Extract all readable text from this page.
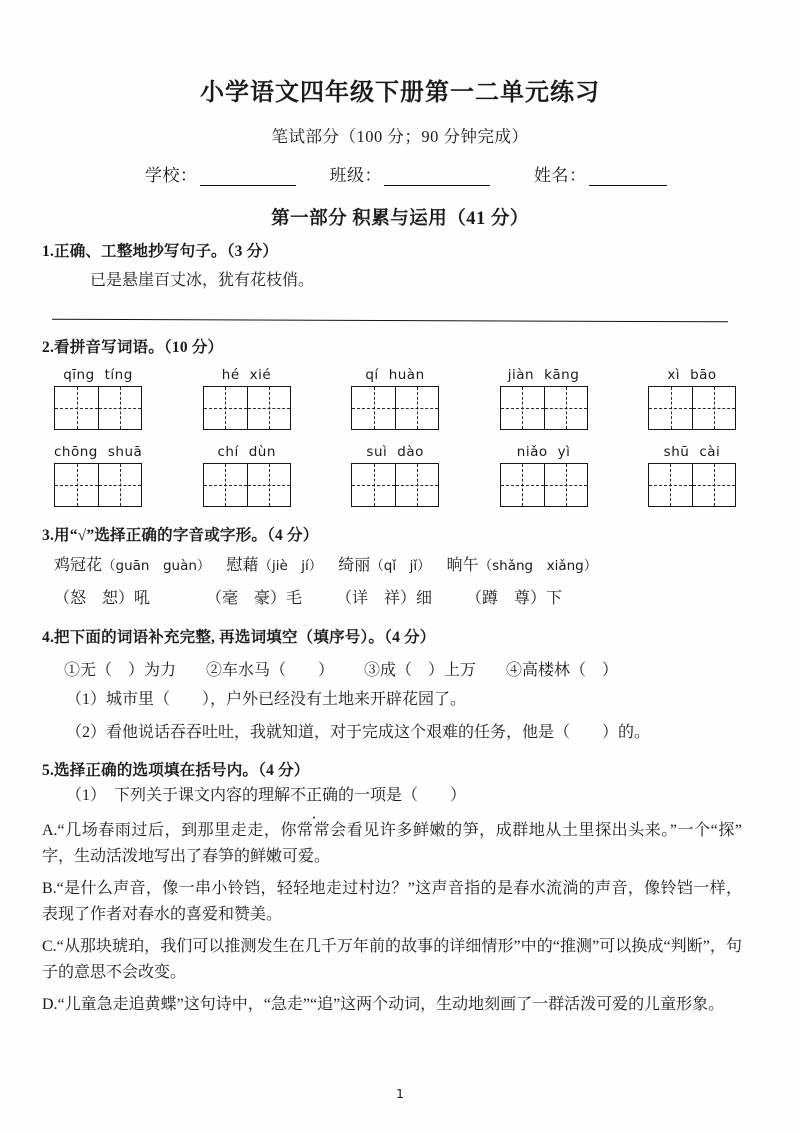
小学语文四年级下册第一二单元练习
笔试部分（100 分；90 分钟完成）
学校：	班级：	姓名：
第一部分 积累与运用（41 分）
1.正确、工整地抄写句子。（3 分）
已是悬崖百丈冰，犹有花枝俏。
2.看拼音写词语。（10 分）
qīng tíng	hé xié	qí huàn	jiàn kāng	xì bāo
chōng shuā	chí dùn	suì dào	niǎo yì	shū cài
3.用“√”选择正确的字音或字形。（4 分）
鸡冠花（guān　guàn） 慰藉（jiè　jí） 绮丽（qǐ　jǐ） 晌午（shǎng　xiǎng）
（怒　恕）吼	（毫　豪）毛 （详　祥）细 （蹲　尊）下
4.把下面的词语补充完整, 再选词填空（填序号）。（4 分）
①无（　）为力 ②车水马（　　） ③成（　）上万 ④高楼林（　）
（1）城市里（　　），户外已经没有土地来开辟花园了。
（2）看他说话吞吞吐吐，我就知道，对于完成这个艰难的任务，他是（　　）的。
5.选择正确的选项填在括号内。（4 分）
（1）　下列关于课文内容的理解不正确的一项是（　　）
A.“几场春雨过后，到那里走走，你常常会看见许多鲜嫩的笋，成群地从土里探出头来。”一个“探”字，生动活泼地写出了春笋的鲜嫩可爱。
B.“是什么声音，像一串小铃铛，轻轻地走过村边？”这声音指的是春水流淌的声音，像铃铛一样，表现了作者对春水的喜爱和赞美。
C.“从那块琥珀，我们可以推测发生在几千万年前的故事的详细情形”中的“推测”可以换成“判断”，句子的意思不会改变。
D.“儿童急走追黄蝶”这句诗中，“急走”“追”这两个动词，生动地刻画了一群活泼可爱的儿童形象。
1
